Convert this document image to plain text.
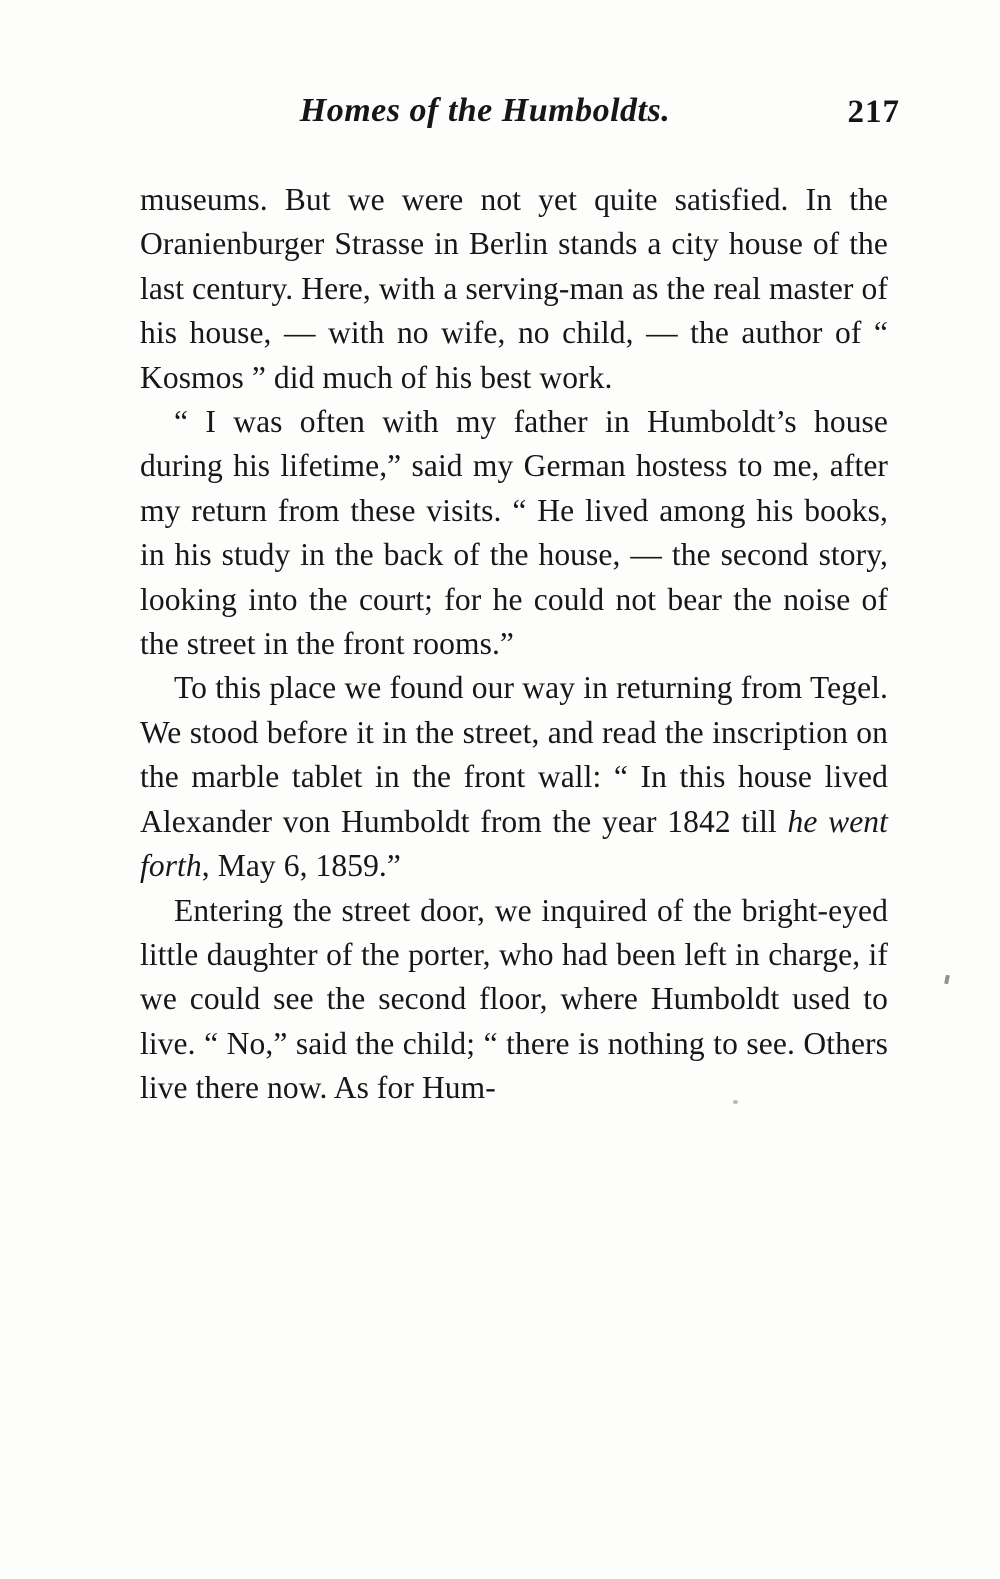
Homes of the Humboldts.	217

museums. But we were not yet quite satisfied. In the Oranienburger Strasse in Berlin stands a city house of the last century. Here, with a serving-man as the real master of his house, — with no wife, no child, — the author of “ Kosmos ” did much of his best work.

“ I was often with my father in Humboldt’s house during his lifetime,” said my German hostess to me, after my return from these visits. “ He lived among his books, in his study in the back of the house, — the second story, looking into the court; for he could not bear the noise of the street in the front rooms.”

To this place we found our way in returning from Tegel. We stood before it in the street, and read the inscription on the marble tablet in the front wall: “ In this house lived Alexander von Humboldt from the year 1842 till he went forth, May 6, 1859.”

Entering the street door, we inquired of the bright-eyed little daughter of the porter, who had been left in charge, if we could see the second floor, where Humboldt used to live. “ No,” said the child; “ there is nothing to see. Others live there now. As for Hum-
